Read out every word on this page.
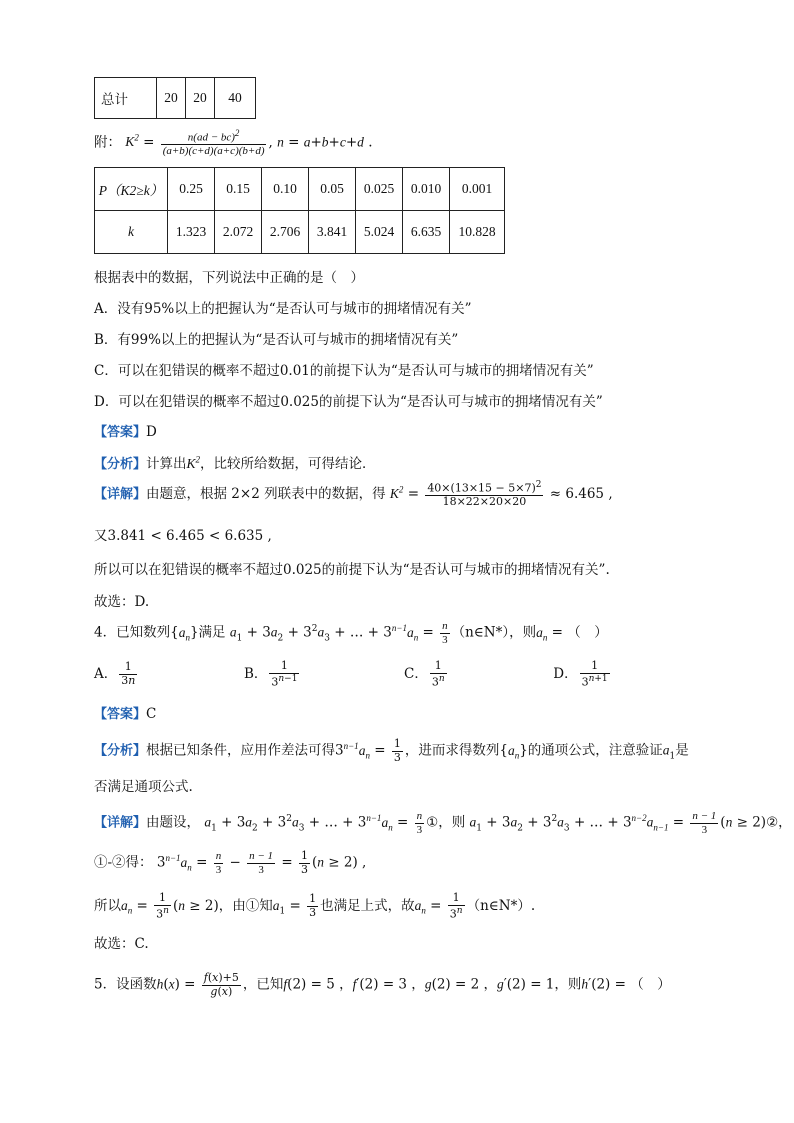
总计	20	20	40
附： $K^2 = \frac{n(ad - bc)^2}{(a+b)(c+d)(a+c)(b+d)}$ , n = a+b+c+d .
P（K2≥k）	0.25	0.15	0.10	0.05	0.025	0.010	0.001
k	1.323	2.072	2.706	3.841	5.024	6.635	10.828
根据表中的数据，下列说法中正确的是（　）
A．没有95%以上的把握认为“是否认可与城市的拥堵情况有关”
B．有99%以上的把握认为“是否认可与城市的拥堵情况有关”
C．可以在犯错误的概率不超过0.01的前提下认为“是否认可与城市的拥堵情况有关”
D．可以在犯错误的概率不超过0.025的前提下认为“是否认可与城市的拥堵情况有关”
【答案】D
【分析】计算出$K^2$，比较所给数据，可得结论．
【详解】由题意，根据 2×2 列联表中的数据，得 $K^2 = \frac{40\times(13\times 15 - 5\times 7)^2}{18\times 22\times 20\times 20} \approx 6.465$ ,
又3.841 < 6.465 < 6.635 ,
所以可以在犯错误的概率不超过0.025的前提下认为“是否认可与城市的拥堵情况有关”.
故选：D.
4．已知数列$\{a_n\}$满足 $a_1 + 3a_2 + 3^2a_3$ + … + $3^{n-1}a_n = \frac{n}{3}$ （n∈N*），则$a_n$ = （　）
A． $\frac{1}{3n}$	B． $\frac{1}{3^{n-1}}$	C． $\frac{1}{3^n}$	D． $\frac{1}{3^{n+1}}$
【答案】C
【分析】根据已知条件，应用作差法可得$3^{n-1}a_n = \frac{1}{3}$ ，进而求得数列$\{a_n\}$的通项公式，注意验证$a_1$是
否满足通项公式.
【详解】由题设， $a_1 + 3a_2 + 3^2a_3$ + … + $3^{n-1}a_n = \frac{n}{3}$ ①，则 $a_1 + 3a_2 + 3^2a_3$ + … + $3^{n-2}a_{n-1} = \frac{n - 1}{3} (n$ ≥ 2)②，
①-②得： $3^{n-1}a_n = \frac{n}{3} - \frac{n - 1}{3} = \frac{1}{3} (n \ge 2)$ ,
所以$a_n = \frac{1}{3^n} (n \ge 2)$，由①知$a_1 = \frac{1}{3}$ 也满足上式，故$a_n = \frac{1}{3^n}$ （n∈N*）.
故选：C.
5．设函数$h(x) = \frac{f(x)+5}{g(x)}$ ，已知f(2) = 5 ，f′(2) = 3 ，g(2) = 2 ，g′(2) = 1，则h′(2) = （　）
